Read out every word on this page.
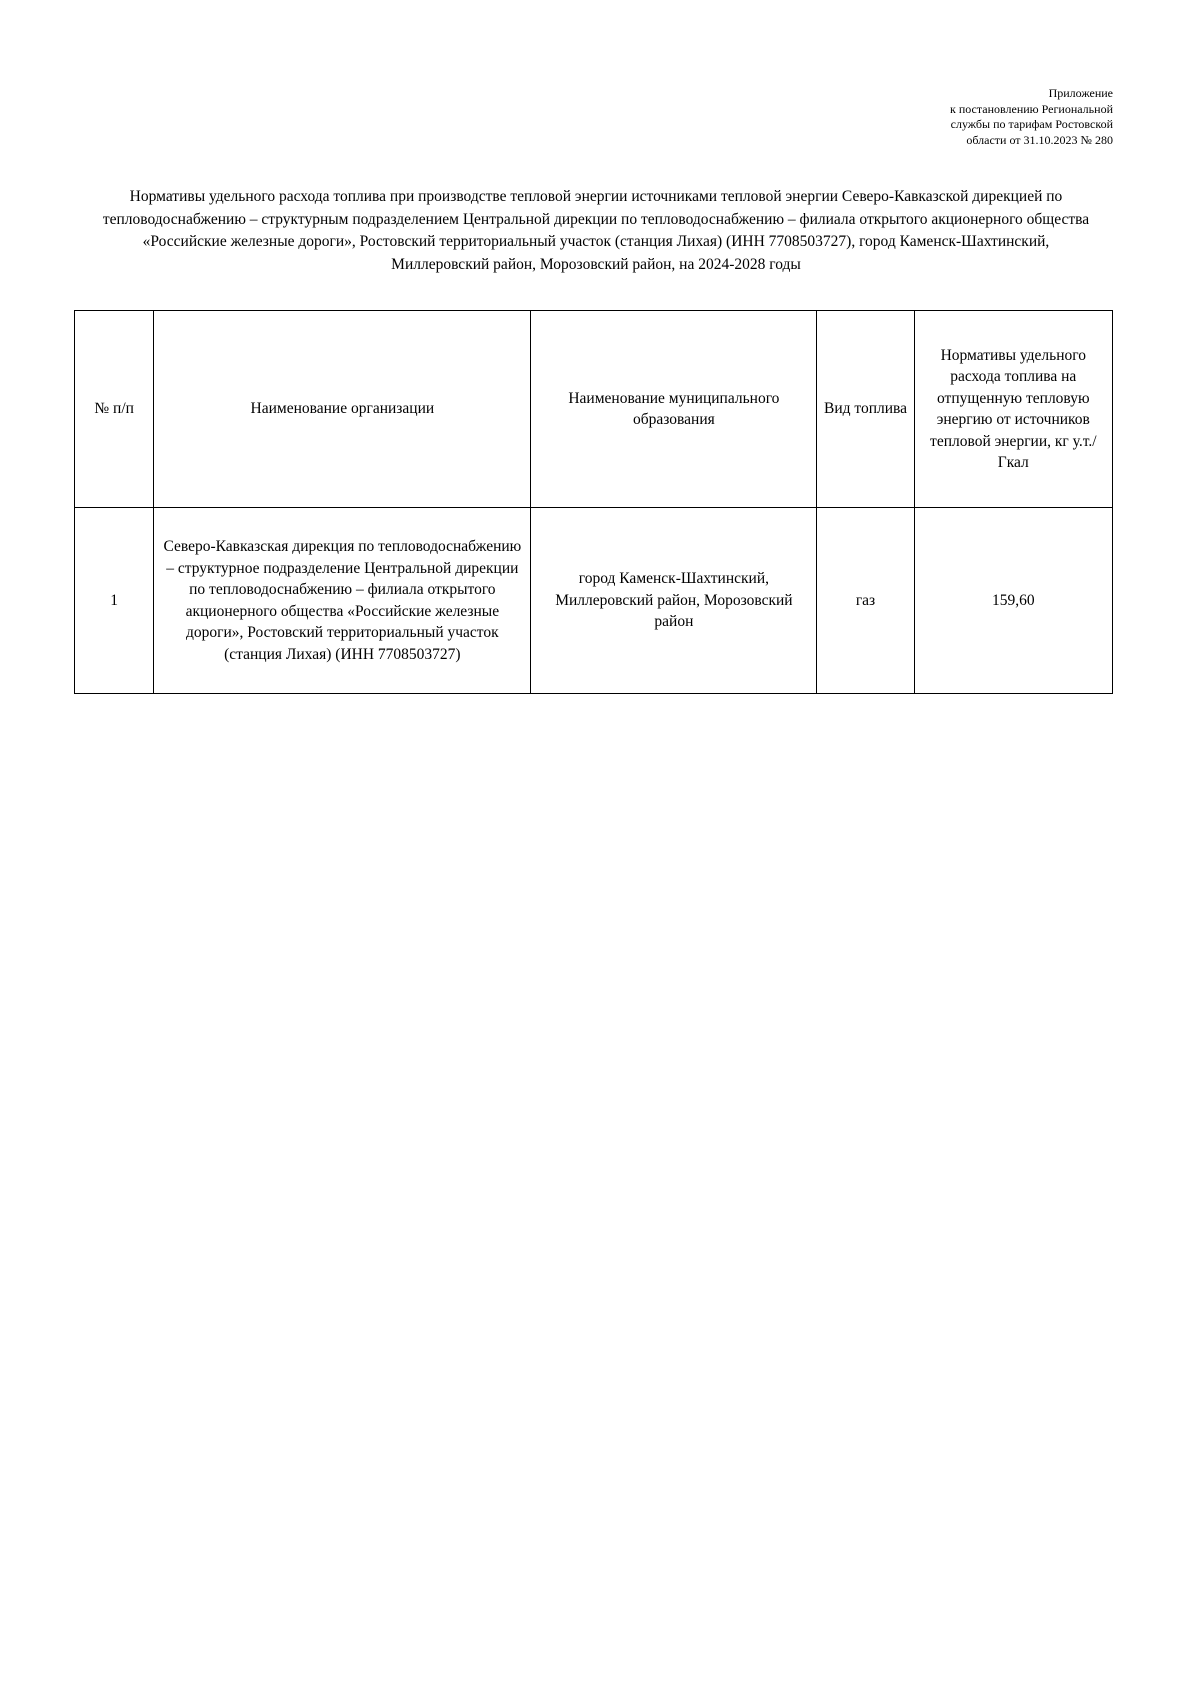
Приложение
к постановлению Региональной
службы по тарифам Ростовской
области от 31.10.2023 № 280
Нормативы удельного расхода топлива при производстве тепловой энергии источниками тепловой энергии Северо-Кавказской дирекцией по тепловодоснабжению – структурным подразделением Центральной дирекции по тепловодоснабжению – филиала открытого акционерного общества «Российские железные дороги», Ростовский территориальный участок (станция Лихая) (ИНН 7708503727), город Каменск-Шахтинский, Миллеровский район, Морозовский район, на 2024-2028 годы
№ п/п	Наименование организации	Наименование муниципального образования	Вид топлива	Нормативы удельного расхода топлива на отпущенную тепловую энергию от источников тепловой энергии, кг у.т./Гкал
1	Северо-Кавказская дирекция по тепловодоснабжению – структурное подразделение Центральной дирекции по тепловодоснабжению – филиала открытого акционерного общества «Российские железные дороги», Ростовский территориальный участок (станция Лихая) (ИНН 7708503727)	город Каменск-Шахтинский, Миллеровский район, Морозовский район	газ	159,60
